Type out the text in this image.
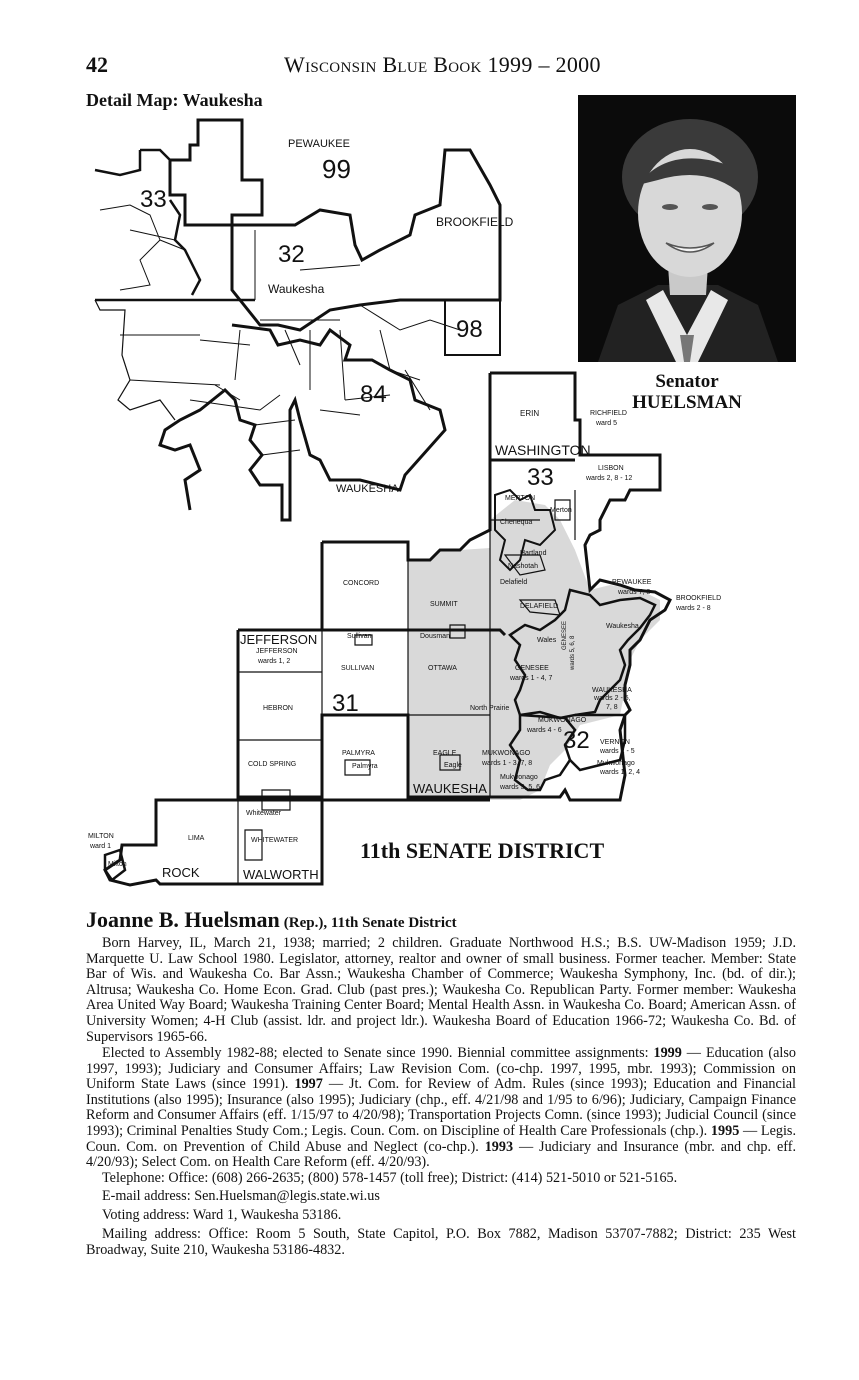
42	Wisconsin Blue Book 1999 – 2000
Detail Map: Waukesha
PEWAUKEE
99
33
32
BROOKFIELD
Waukesha
98
84
WAUKESHA
ERIN	RICHFIELD
ward 5
WASHINGTON
33	LISBON
wards 2, 8 - 12
MERTON
Merton
Chenequa
Hartland
Nashotah
Delafield
DELAFIELD
PEWAUKEE
wards 7, 8
BROOKFIELD
wards 2 - 8
Waukesha
CONCORD
SUMMIT
JEFFERSON
JEFFERSON
wards 1, 2
Sullivan
SULLIVAN
Dousman
Wales
OTTAWA	GENESEE
wards 1 - 4, 7
GENESEE
wards 5, 6, 8
WAUKESHA
wards 2 - 5,
7, 8
HEBRON 31	North Prairie
MUKWONAGO
wards 4 - 6 32 VERNON
wards 2 - 5
Mukwonago
wards 1, 2, 4
COLD SPRING
PALMYRA
Palmyra
EAGLE
Eagle
MUKWONAGO
wards 1 - 3, 7, 8
Mukwonago
wards 3, 5, 6
WAUKESHA
Whitewater
WHITEWATER
LIMA
MILTON
ward 1
Milton
ROCK	WALWORTH
Senator
HUELSMAN
11th SENATE DISTRICT
Joanne B. Huelsman (Rep.), 11th Senate District
Born Harvey, IL, March 21, 1938; married; 2 children. Graduate Northwood H.S.; B.S. UW-Madison 1959; J.D. Marquette U. Law School 1980. Legislator, attorney, realtor and owner of small business. Former teacher. Member: State Bar of Wis. and Waukesha Co. Bar Assn.; Waukesha Chamber of Commerce; Waukesha Symphony, Inc. (bd. of dir.); Altrusa; Waukesha Co. Home Econ. Grad. Club (past pres.); Waukesha Co. Republican Party. Former member: Waukesha Area United Way Board; Waukesha Training Center Board; Mental Health Assn. in Waukesha Co. Board; American Assn. of University Women; 4-H Club (assist. ldr. and project ldr.). Waukesha Board of Education 1966-72; Waukesha Co. Bd. of Supervisors 1965-66.
Elected to Assembly 1982-88; elected to Senate since 1990. Biennial committee assignments: 1999 — Education (also 1997, 1993); Judiciary and Consumer Affairs; Law Revision Com. (co-chp. 1997, 1995, mbr. 1993); Commission on Uniform State Laws (since 1991). 1997 — Jt. Com. for Review of Adm. Rules (since 1993); Education and Financial Institutions (also 1995); Insurance (also 1995); Judiciary (chp., eff. 4/21/98 and 1/95 to 6/96); Judiciary, Campaign Finance Reform and Consumer Affairs (eff. 1/15/97 to 4/20/98); Transportation Projects Comn. (since 1993); Judicial Council (since 1993); Criminal Penalties Study Com.; Legis. Coun. Com. on Discipline of Health Care Professionals (chp.). 1995 — Legis. Coun. Com. on Prevention of Child Abuse and Neglect (co-chp.). 1993 — Judiciary and Insurance (mbr. and chp. eff. 4/20/93); Select Com. on Health Care Reform (eff. 4/20/93).
Telephone: Office: (608) 266-2635; (800) 578-1457 (toll free); District: (414) 521-5010 or 521-5165.
E-mail address: Sen.Huelsman@legis.state.wi.us
Voting address: Ward 1, Waukesha 53186.
Mailing address: Office: Room 5 South, State Capitol, P.O. Box 7882, Madison 53707-7882; District: 235 West Broadway, Suite 210, Waukesha 53186-4832.
